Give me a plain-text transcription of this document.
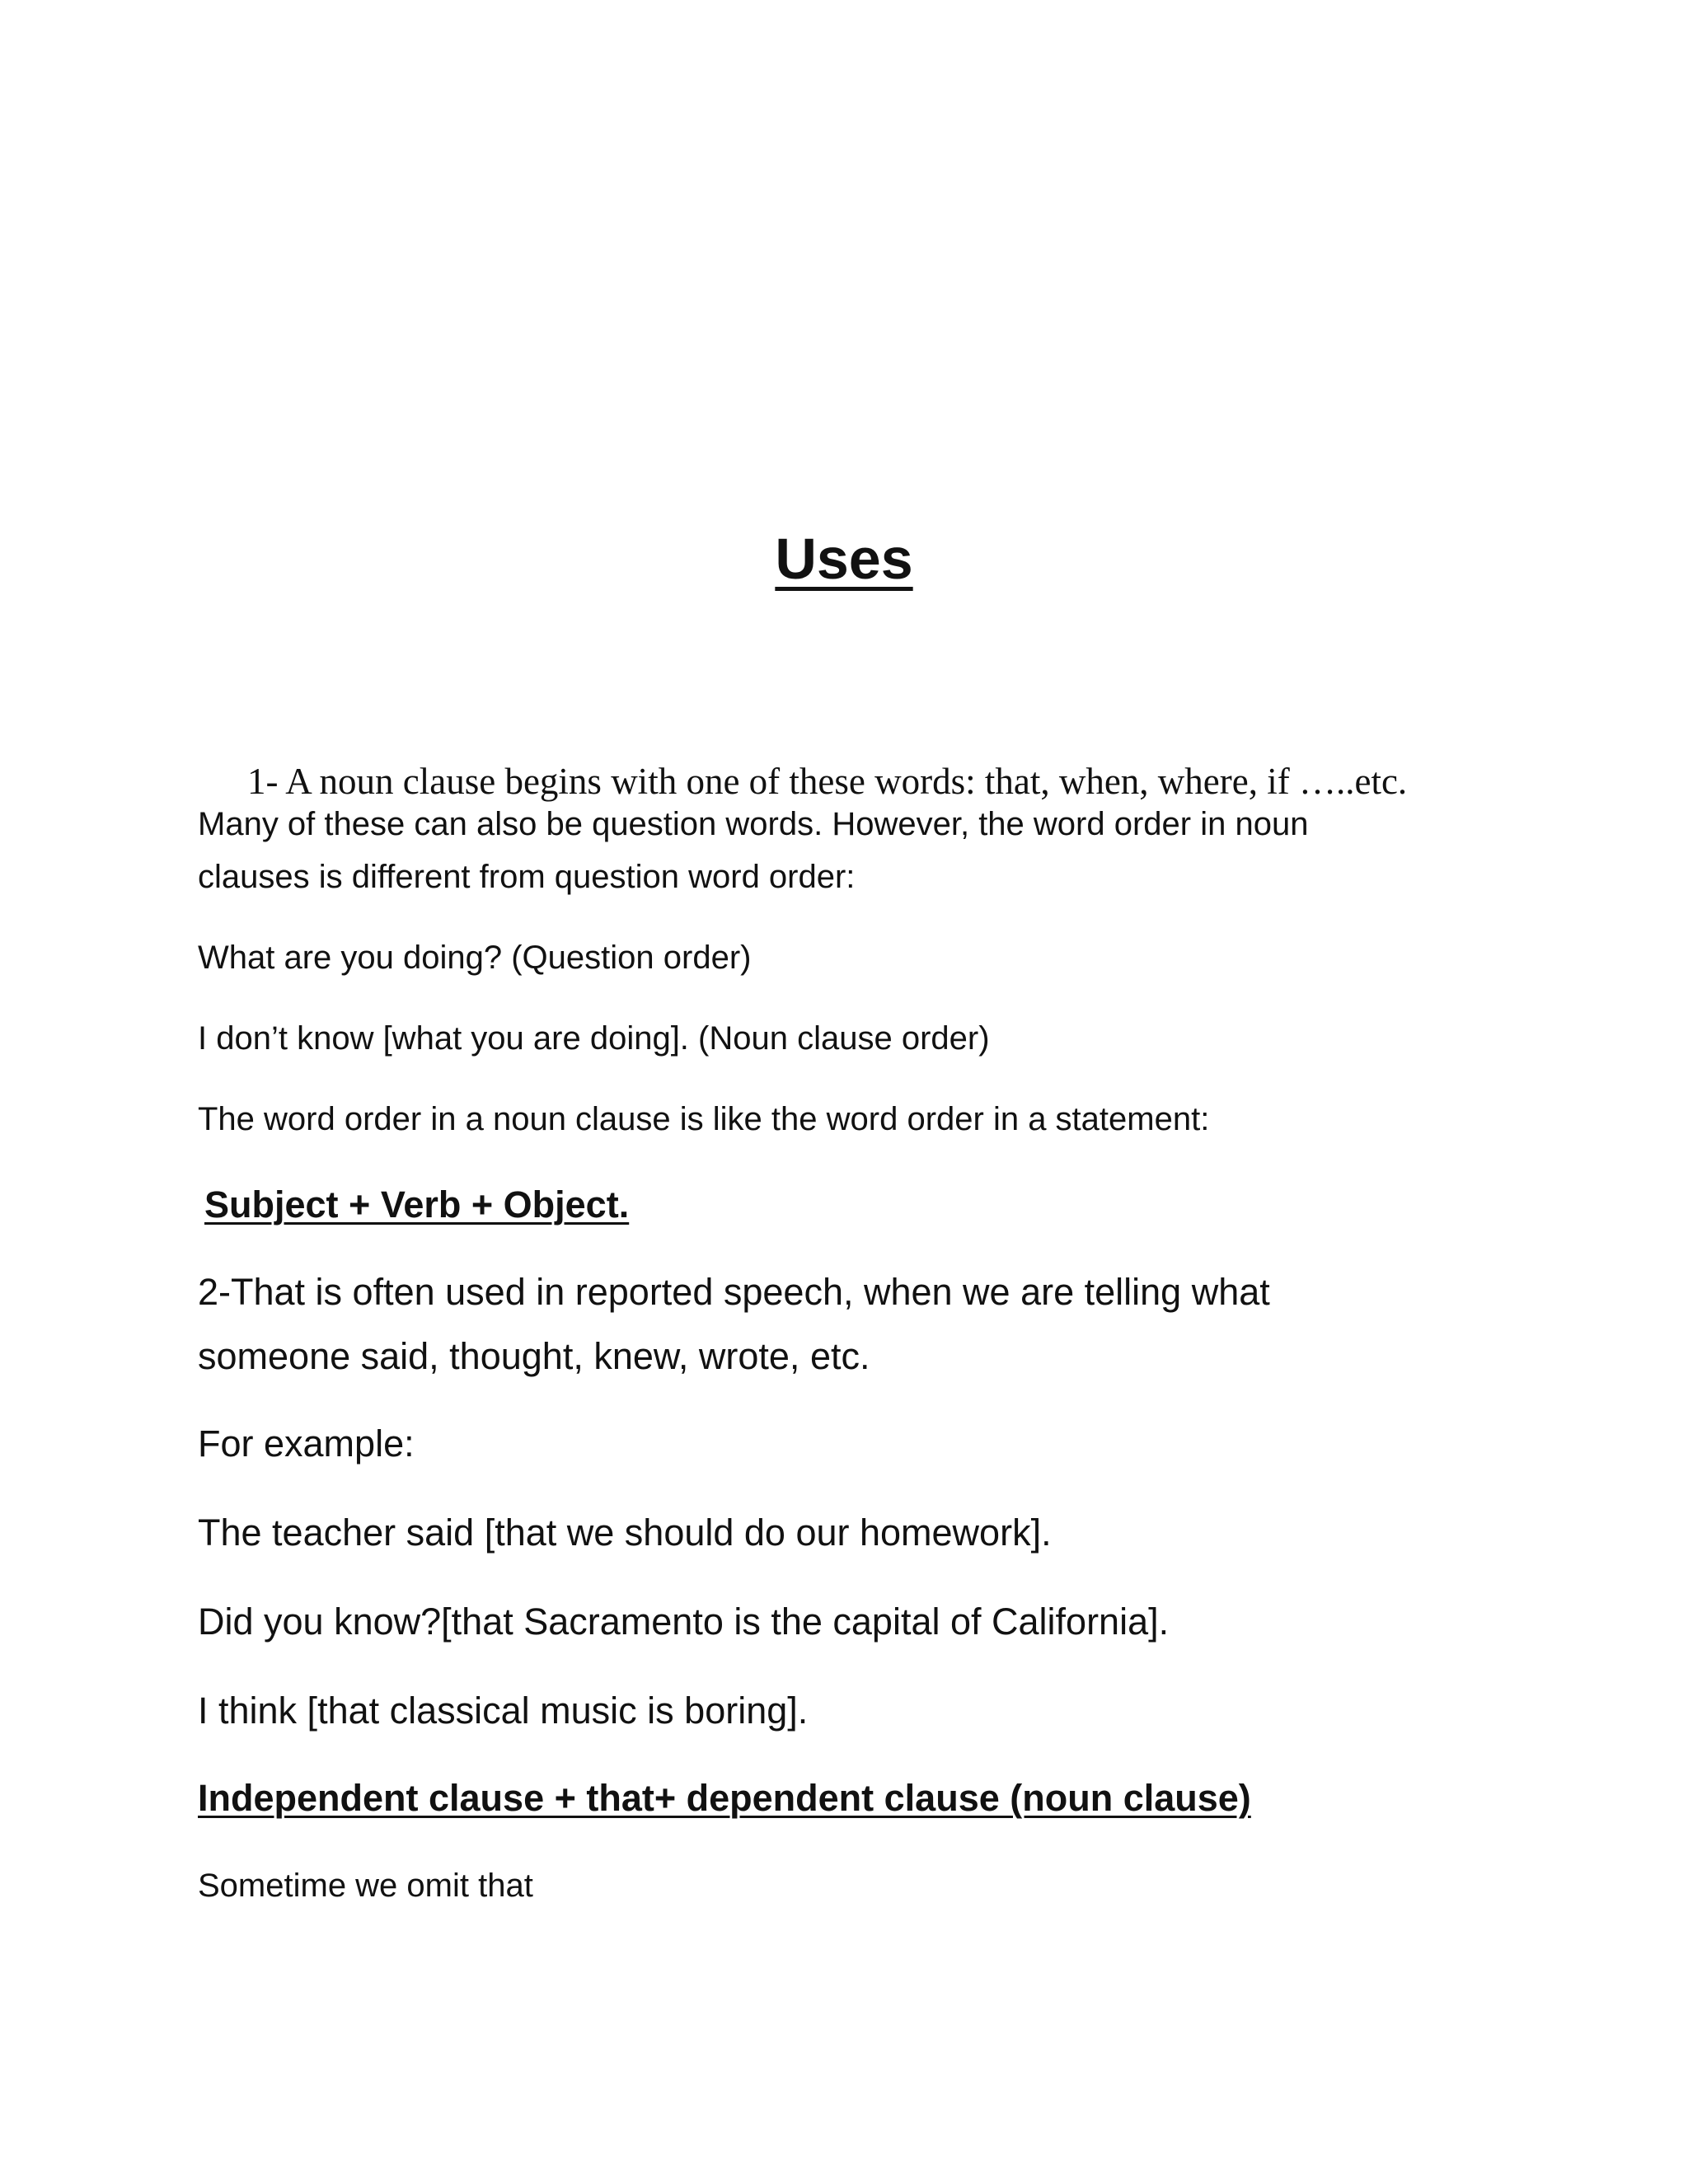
Uses

1- A noun clause begins with one of these words: that, when, where, if …..etc.

Many of these can also be question words. However, the word order in noun

clauses is different from question word order:

What are you doing? (Question order)

I don’t know [what you are doing]. (Noun clause order)

The word order in a noun clause is like the word order in a statement:

Subject + Verb + Object.

2-That is often used in reported speech, when we are telling what

someone said, thought, knew, wrote, etc.

For example:

The teacher said [that we should do our homework].

Did you know?[that Sacramento is the capital of California].

I think [that classical music is boring].

Independent clause + that+ dependent clause (noun clause)

Sometime we omit that
